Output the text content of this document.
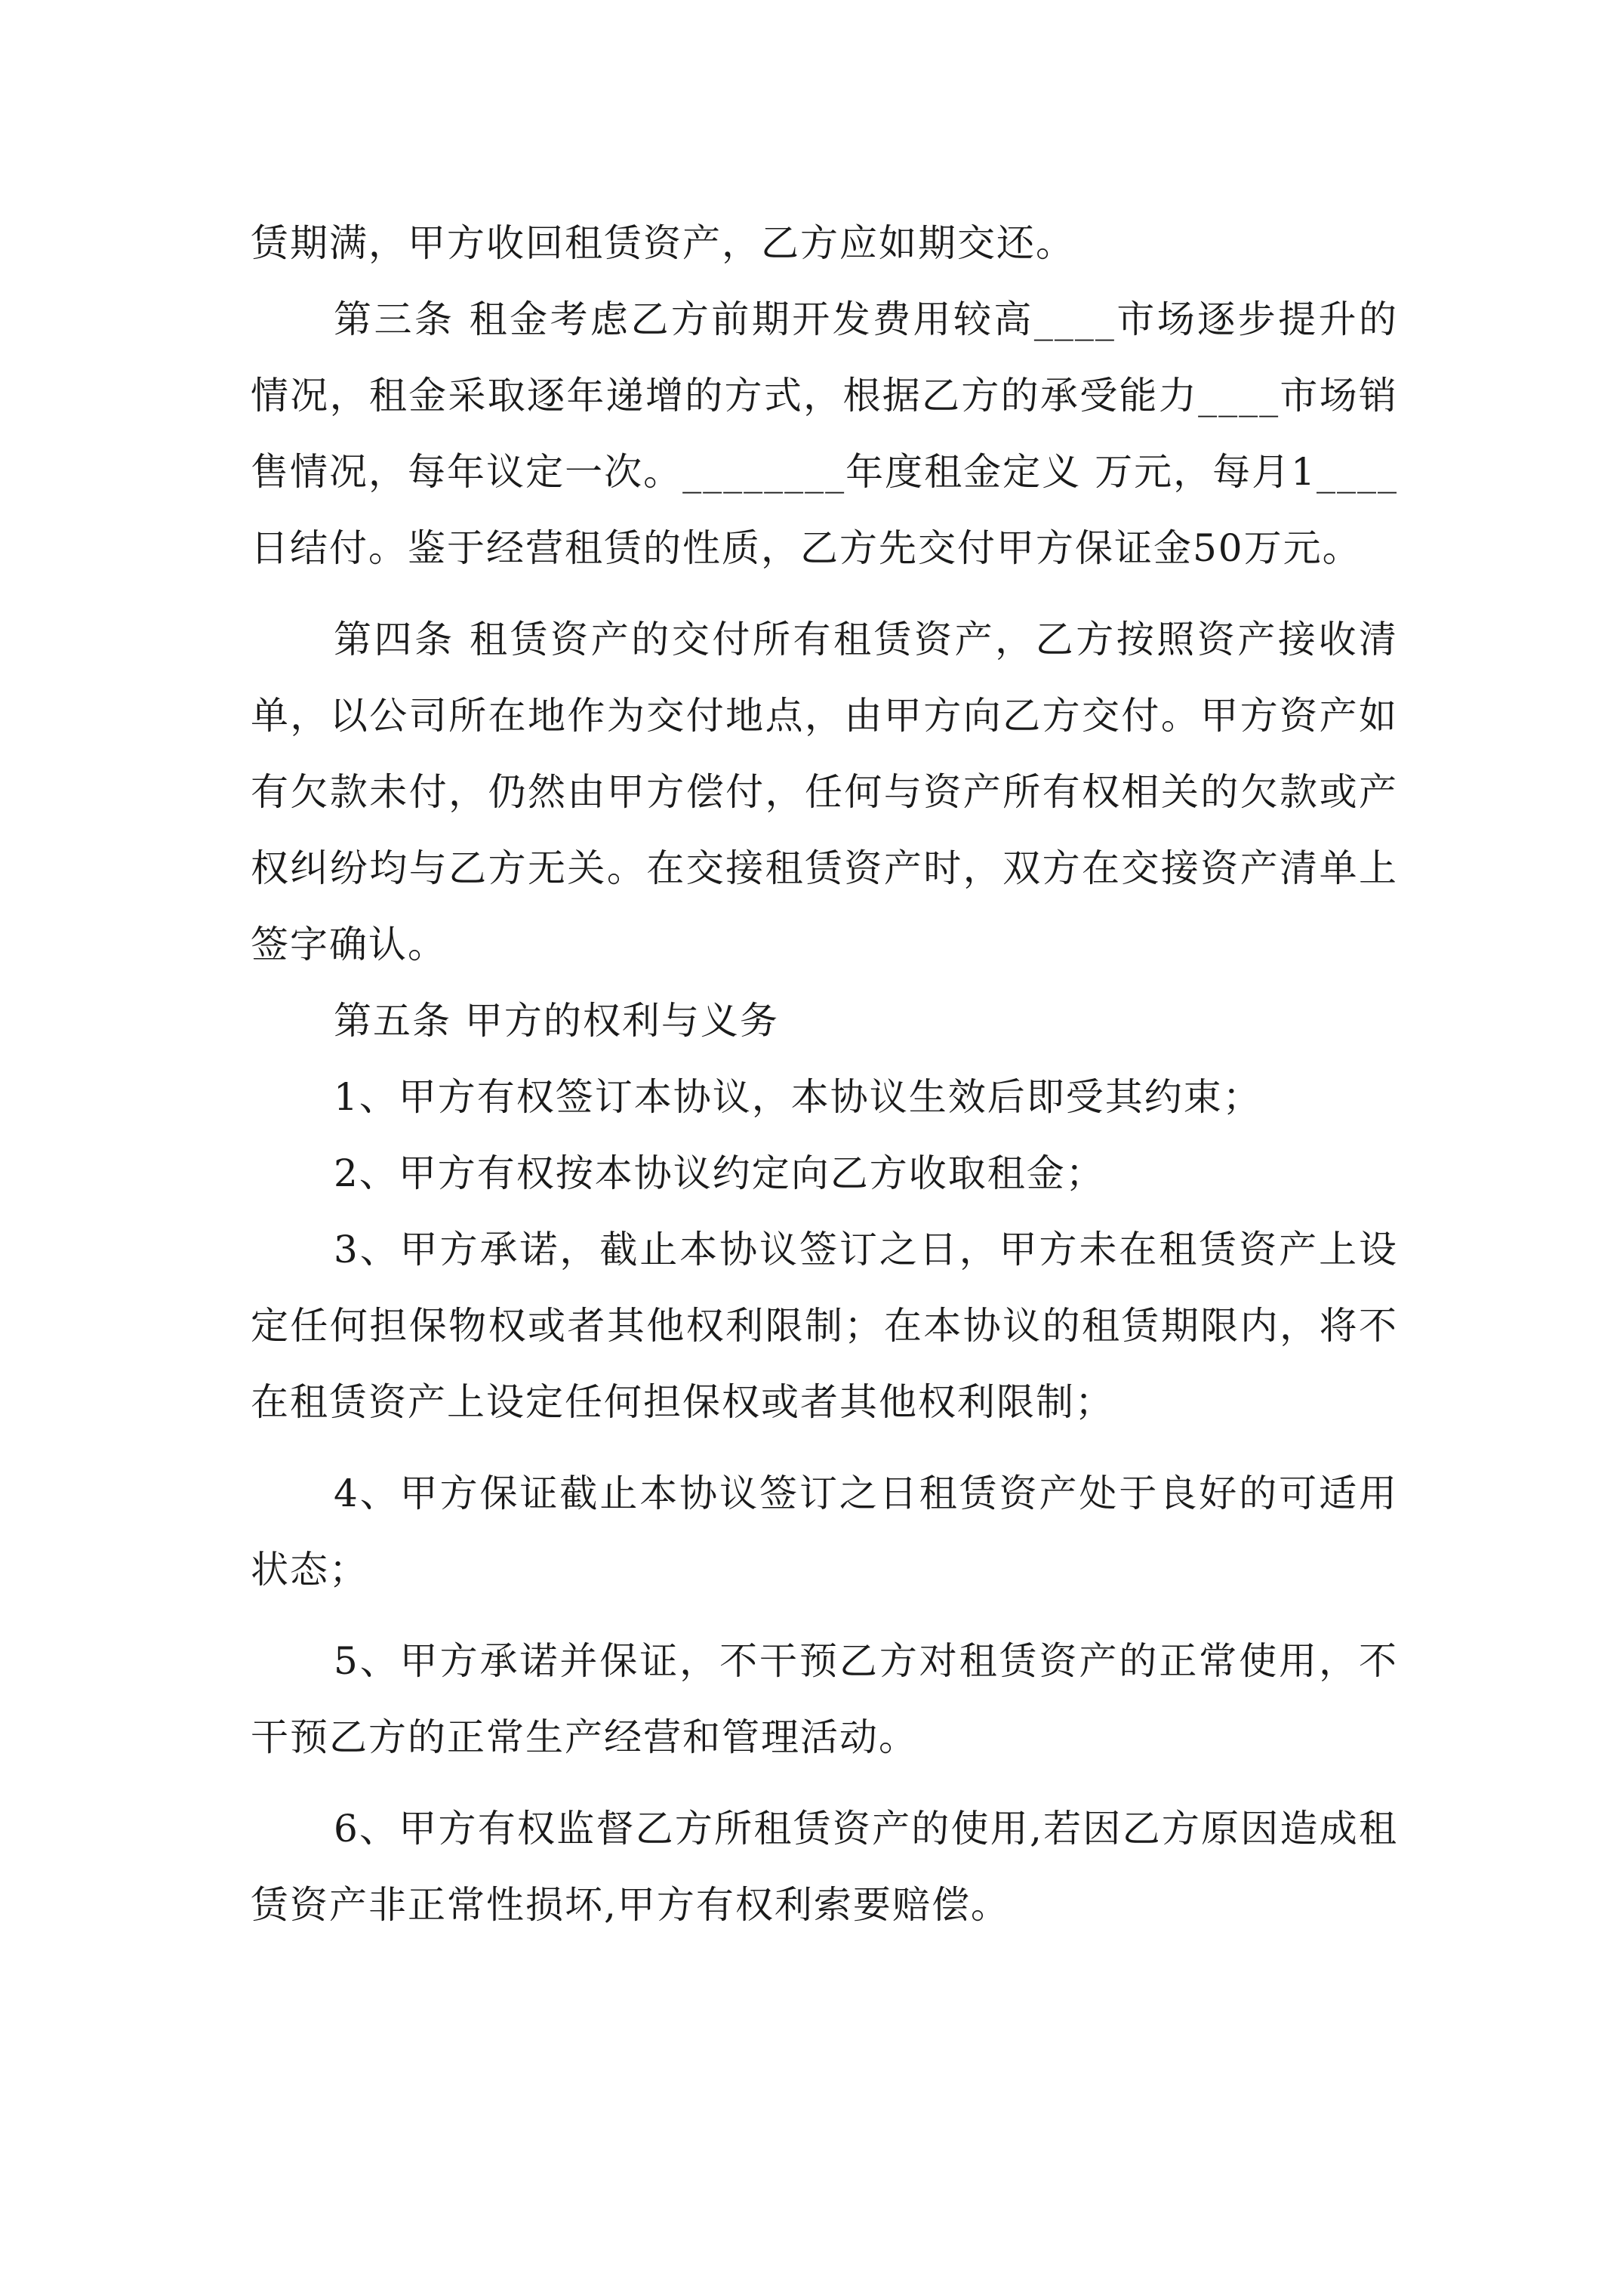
赁期满，甲方收回租赁资产，乙方应如期交还。

第三条 租金考虑乙方前期开发费用较高____市场逐步提升的情况，租金采取逐年递增的方式，根据乙方的承受能力____市场销售情况，每年议定一次。________年度租金定义 万元，每月1____日结付。鉴于经营租赁的性质，乙方先交付甲方保证金50万元。

第四条 租赁资产的交付所有租赁资产，乙方按照资产接收清单，以公司所在地作为交付地点，由甲方向乙方交付。甲方资产如有欠款未付，仍然由甲方偿付，任何与资产所有权相关的欠款或产权纠纷均与乙方无关。在交接租赁资产时，双方在交接资产清单上签字确认。

第五条 甲方的权利与义务

1、甲方有权签订本协议，本协议生效后即受其约束；

2、甲方有权按本协议约定向乙方收取租金；

3、甲方承诺，截止本协议签订之日，甲方未在租赁资产上设定任何担保物权或者其他权利限制；在本协议的租赁期限内，将不在租赁资产上设定任何担保权或者其他权利限制；

4、甲方保证截止本协议签订之日租赁资产处于良好的可适用状态；

5、甲方承诺并保证，不干预乙方对租赁资产的正常使用，不干预乙方的正常生产经营和管理活动。

6、甲方有权监督乙方所租赁资产的使用,若因乙方原因造成租赁资产非正常性损坏,甲方有权利索要赔偿。
